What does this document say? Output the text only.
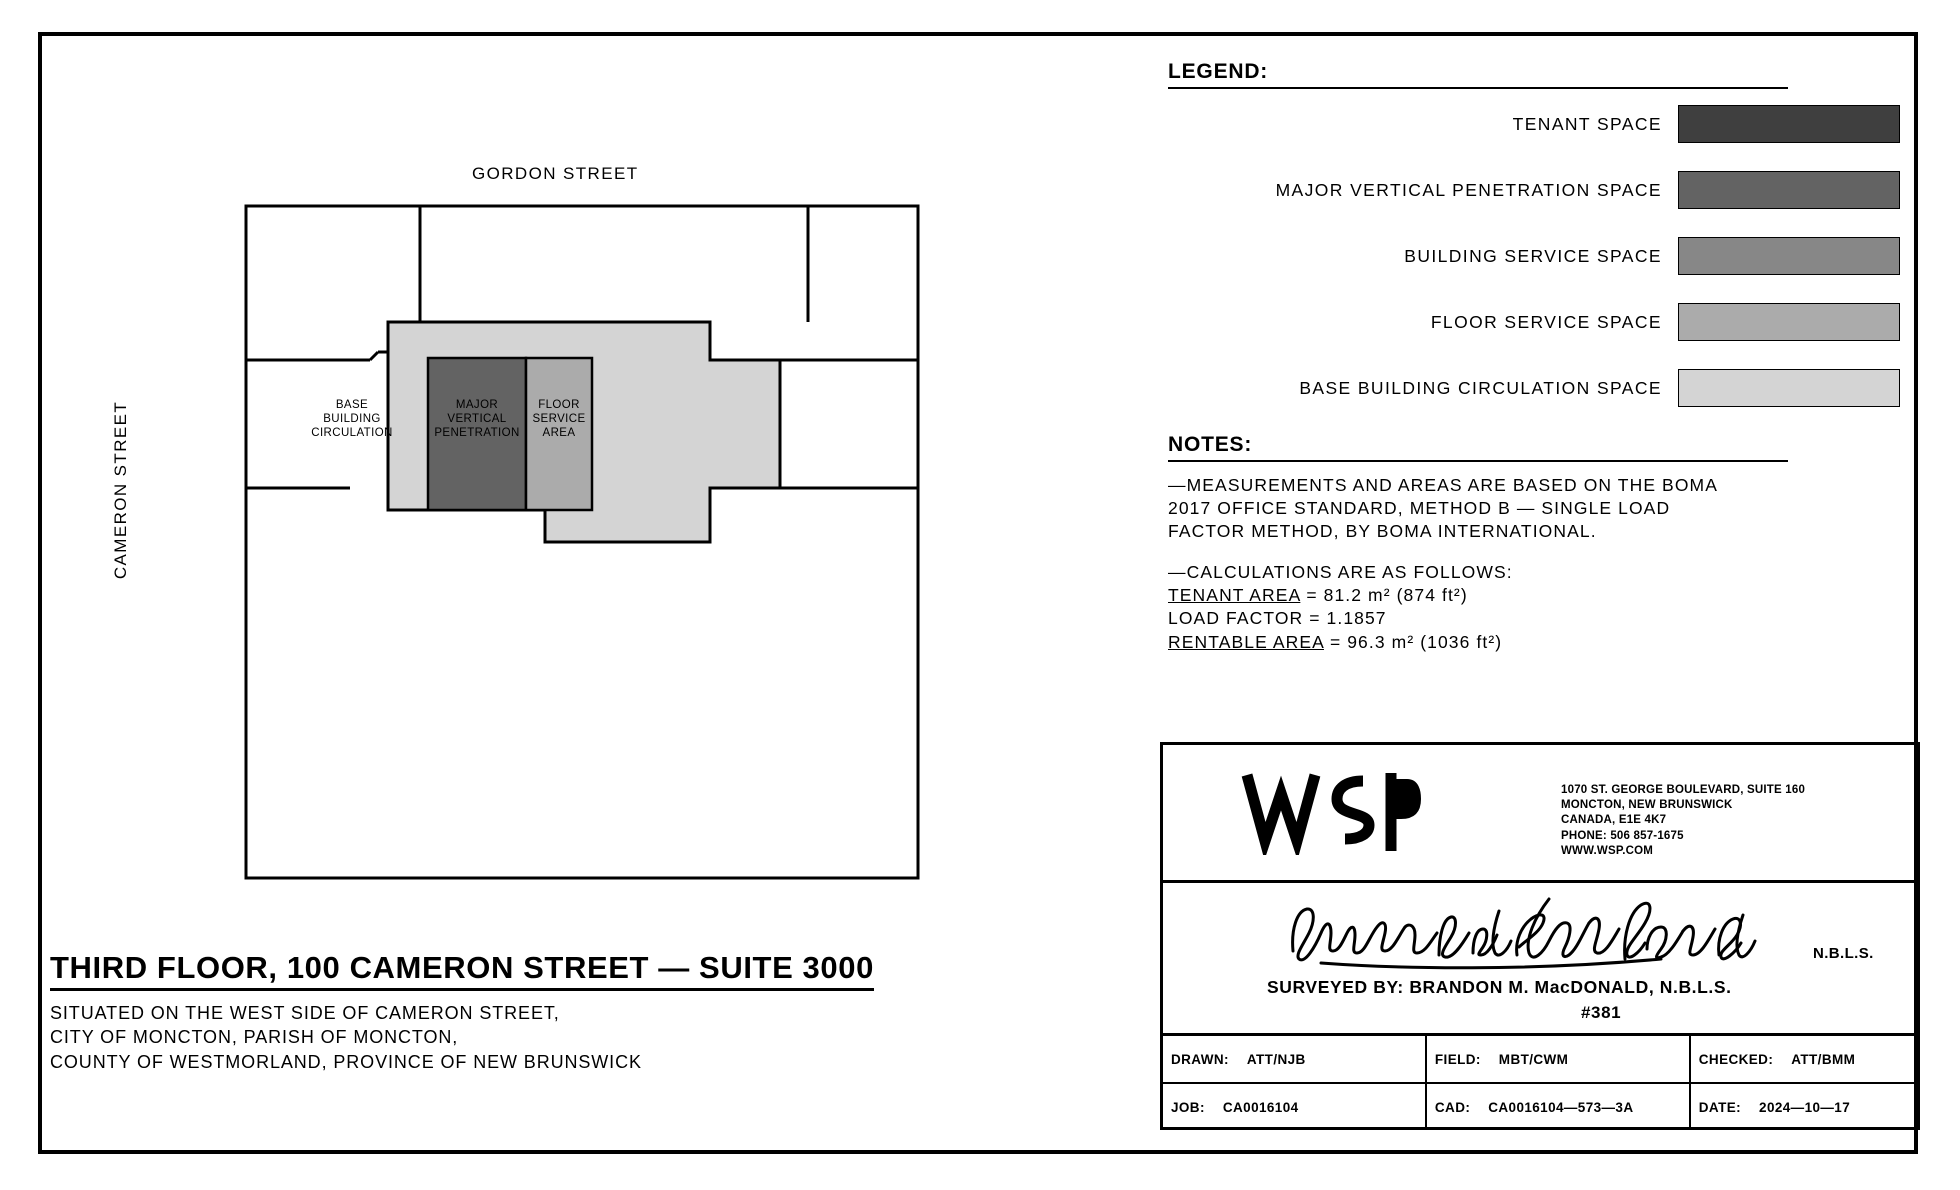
GORDON STREET
CAMERON STREET	BASE
BUILDING
CIRCULATION
MAJOR
VERTICAL
PENETRATION
FLOOR
SERVICE
AREA
THIRD FLOOR, 100 CAMERON STREET — SUITE 3000
SITUATED ON THE WEST SIDE OF CAMERON STREET,
CITY OF MONCTON, PARISH OF MONCTON,
COUNTY OF WESTMORLAND, PROVINCE OF NEW BRUNSWICK
LEGEND:
TENANT SPACE
MAJOR VERTICAL PENETRATION SPACE
BUILDING SERVICE SPACE
FLOOR SERVICE SPACE
BASE BUILDING CIRCULATION SPACE
NOTES:

—MEASUREMENTS AND AREAS ARE BASED ON THE BOMA

2017 OFFICE STANDARD, METHOD B — SINGLE LOAD

FACTOR METHOD, BY BOMA INTERNATIONAL.

—CALCULATIONS ARE AS FOLLOWS:

TENANT AREA = 81.2 m² (874 ft²)

LOAD FACTOR = 1.1857

RENTABLE AREA = 96.3 m² (1036 ft²)

1070 ST. GEORGE BOULEVARD, SUITE 160
MONCTON, NEW BRUNSWICK
CANADA, E1E 4K7
PHONE: 506 857-1675
WWW.WSP.COM
N.B.L.S.
SURVEYED BY: BRANDON M. MacDONALD, N.B.L.S.
#381
DRAWN: ATT/NJB	FIELD: MBT/CWM	CHECKED: ATT/BMM
JOB: CA0016104	CAD: CA0016104—573—3A	DATE: 2024—10—17
